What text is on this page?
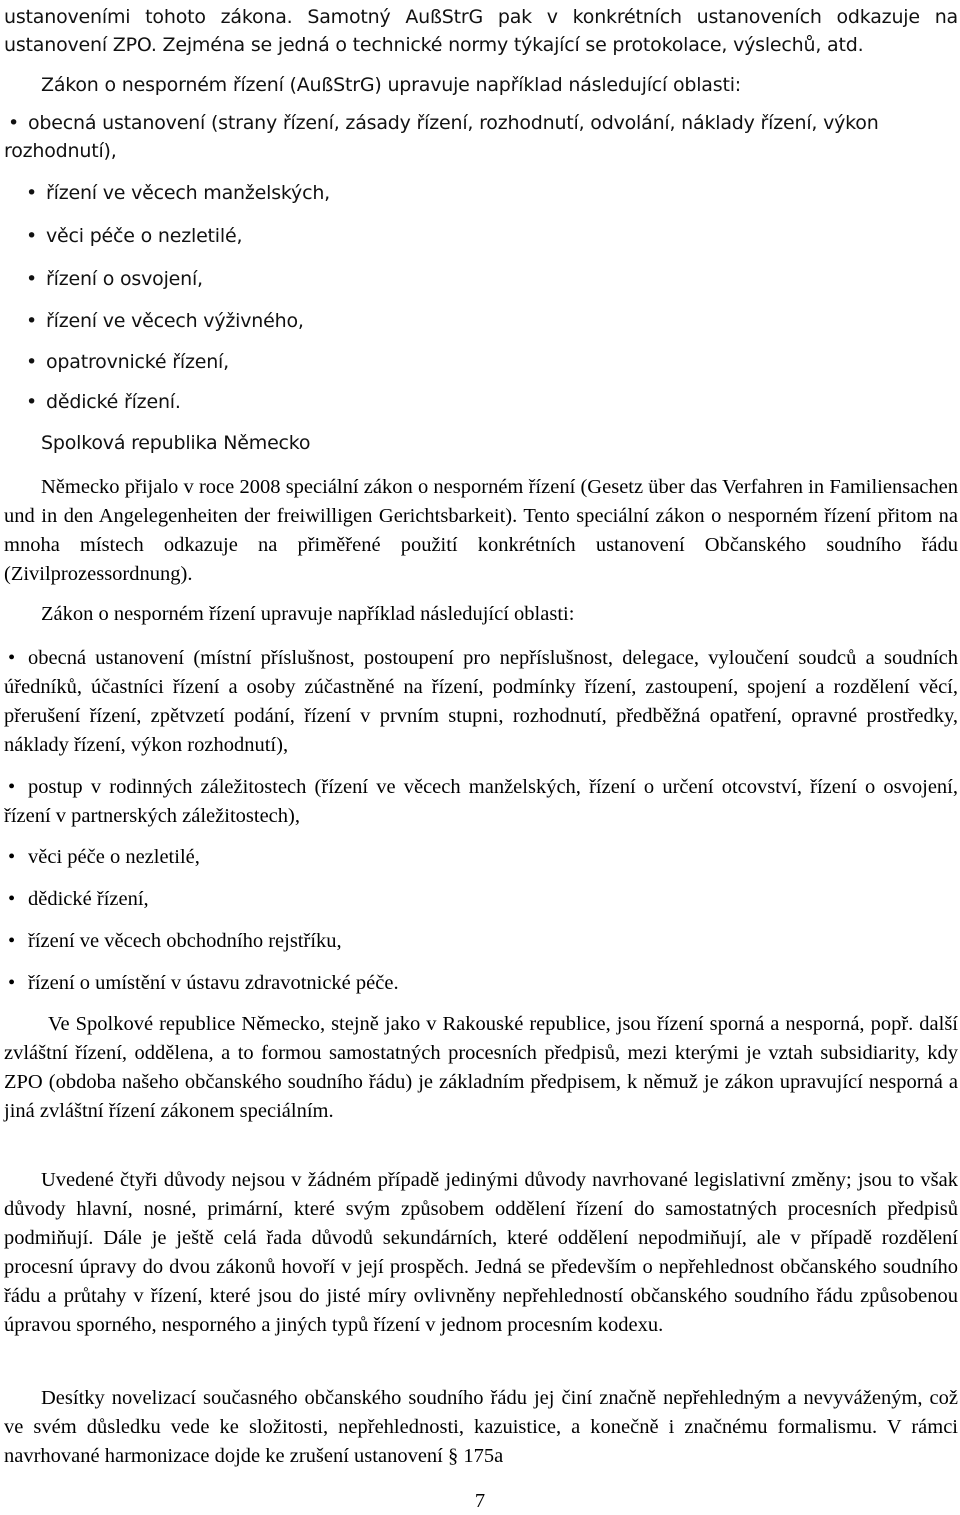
ustanoveními tohoto zákona. Samotný AußStrG pak v konkrétních ustanoveních odkazuje na ustanovení ZPO. Zejména se jedná o technické normy týkající se protokolace, výslechů, atd.

Zákon o nesporném řízení (AußStrG) upravuje například následující oblasti:

• obecná ustanovení (strany řízení, zásady řízení, rozhodnutí, odvolání, náklady řízení, výkon rozhodnutí),

• řízení ve věcech manželských,
• věci péče o nezletilé,
• řízení o osvojení,
• řízení ve věcech výživného,
• opatrovnické řízení,
• dědické řízení.
Spolková republika Německo

Německo přijalo v roce 2008 speciální zákon o nesporném řízení (Gesetz über das Verfahren in Familiensachen und in den Angelegenheiten der freiwilligen Gerichtsbarkeit). Tento speciální zákon o nesporném řízení přitom na mnoha místech odkazuje na přiměřené použití konkrétních ustanovení Občanského soudního řádu (Zivilprozessordnung).

Zákon o nesporném řízení upravuje například následující oblasti:

• obecná ustanovení (místní příslušnost, postoupení pro nepříslušnost, delegace, vyloučení soudců a soudních úředníků, účastníci řízení a osoby zúčastněné na řízení, podmínky řízení, zastoupení, spojení a rozdělení věcí, přerušení řízení, zpětvzetí podání, řízení v prvním stupni, rozhodnutí, předběžná opatření, opravné prostředky, náklady řízení, výkon rozhodnutí),

• postup v rodinných záležitostech (řízení ve věcech manželských, řízení o určení otcovství, řízení o osvojení, řízení v partnerských záležitostech),

• věci péče o nezletilé,
• dědické řízení,
• řízení ve věcech obchodního rejstříku,
• řízení o umístění v ústavu zdravotnické péče.

Ve Spolkové republice Německo, stejně jako v Rakouské republice, jsou řízení sporná a nesporná, popř. další zvláštní řízení, oddělena, a to formou samostatných procesních předpisů, mezi kterými je vztah subsidiarity, kdy ZPO (obdoba našeho občanského soudního řádu) je základním předpisem, k němuž je zákon upravující nesporná a jiná zvláštní řízení zákonem speciálním.

Uvedené čtyři důvody nejsou v žádném případě jedinými důvody navrhované legislativní změny; jsou to však důvody hlavní, nosné, primární, které svým způsobem oddělení řízení do samostatných procesních předpisů podmiňují. Dále je ještě celá řada důvodů sekundárních, které oddělení nepodmiňují, ale v případě rozdělení procesní úpravy do dvou zákonů hovoří v její prospěch. Jedná se především o nepřehlednost občanského soudního řádu a průtahy v řízení, které jsou do jisté míry ovlivněny nepřehledností občanského soudního řádu způsobenou úpravou sporného, nesporného a jiných typů řízení v jednom procesním kodexu.

Desítky novelizací současného občanského soudního řádu jej činí značně nepřehledným a nevyváženým, což ve svém důsledku vede ke složitosti, nepřehlednosti, kazuistice, a konečně i značnému formalismu. V rámci navrhované harmonizace dojde ke zrušení ustanovení § 175a

7
